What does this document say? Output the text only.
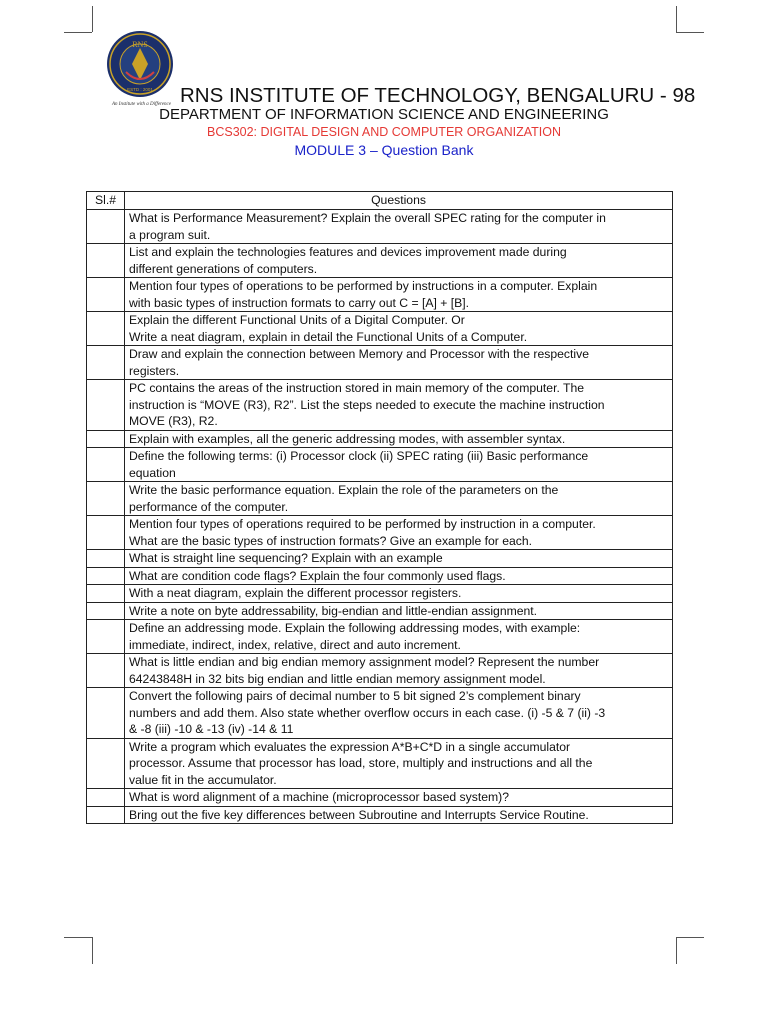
RNS
ESTD : 2001
An Institute with a Difference RNS INSTITUTE OF TECHNOLOGY, BENGALURU - 98
DEPARTMENT OF INFORMATION SCIENCE AND ENGINEERING
BCS302: DIGITAL DESIGN AND COMPUTER ORGANIZATION
MODULE 3 – Question Bank
Sl.#	Questions
	What is Performance Measurement? Explain the overall SPEC rating for the computer in
a program suit.
	List and explain the technologies features and devices improvement made during
different generations of computers.
	Mention four types of operations to be performed by instructions in a computer. Explain
with basic types of instruction formats to carry out C = [A] + [B].
	Explain the different Functional Units of a Digital Computer. Or
Write a neat diagram, explain in detail the Functional Units of a Computer.
	Draw and explain the connection between Memory and Processor with the respective
registers.
	PC contains the areas of the instruction stored in main memory of the computer. The
instruction is “MOVE (R3), R2”. List the steps needed to execute the machine instruction
MOVE (R3), R2.
	Explain with examples, all the generic addressing modes, with assembler syntax.
	Define the following terms: (i) Processor clock (ii) SPEC rating (iii) Basic performance
equation
	Write the basic performance equation. Explain the role of the parameters on the
performance of the computer.
	Mention four types of operations required to be performed by instruction in a computer.
What are the basic types of instruction formats? Give an example for each.
	What is straight line sequencing? Explain with an example
	What are condition code flags? Explain the four commonly used flags.
	With a neat diagram, explain the different processor registers.
	Write a note on byte addressability, big-endian and little-endian assignment.
	Define an addressing mode. Explain the following addressing modes, with example:
immediate, indirect, index, relative, direct and auto increment.
	What is little endian and big endian memory assignment model? Represent the number
64243848H in 32 bits big endian and little endian memory assignment model.
	Convert the following pairs of decimal number to 5 bit signed 2’s complement binary
numbers and add them. Also state whether overflow occurs in each case. (i) -5 & 7 (ii) -3
& -8 (iii) -10 & -13 (iv) -14 & 11
	Write a program which evaluates the expression A*B+C*D in a single accumulator
processor. Assume that processor has load, store, multiply and instructions and all the
value fit in the accumulator.
	What is word alignment of a machine (microprocessor based system)?
	Bring out the five key differences between Subroutine and Interrupts Service Routine.
